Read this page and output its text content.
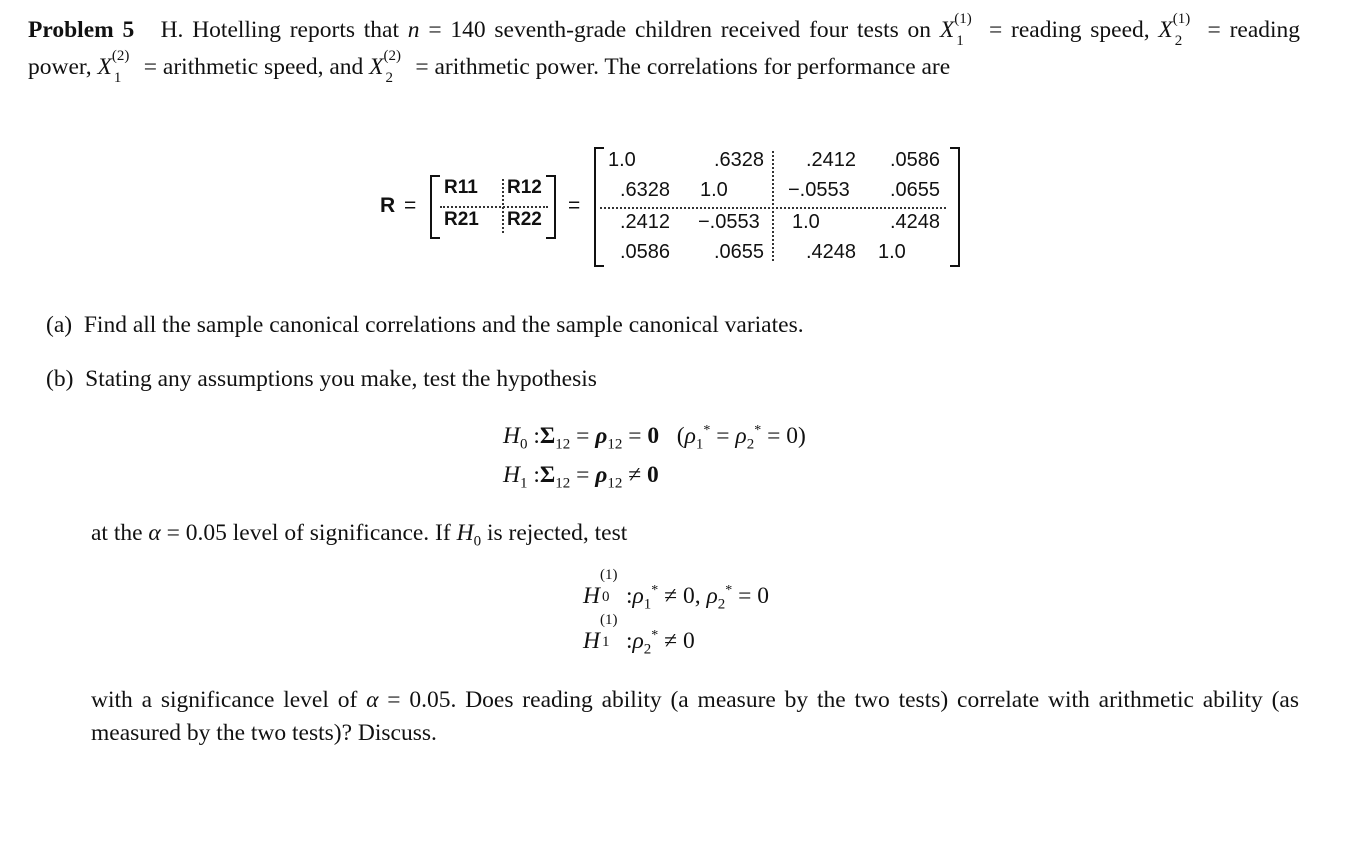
Problem 5 H. Hotelling reports that n = 140 seventh-grade children received four tests on X (1)
1 = reading speed, X (1)
2 = reading power, X (2)
1 = arithmetic speed, and X (2)
2 = arithmetic power. The correlations for performance are
R =
R11 R12
R21 R22
=
1.0	.6328 .2412 .0586
.6328 1.0	−.0553 .0655
.2412 −.0553 1.0	.4248
.0586 .0655 .4248 1.0
(a) Find all the sample canonical correlations and the sample canonical variates.
(b) Stating any assumptions you make, test the hypothesis
$H_0$ $:\Sigma_{12} = \rho_{12} = 0$   $(\rho_1^* = \rho_2^* = 0)$
$H_1$ $:\Sigma_{12} = \rho_{12} \ne 0$
at the α = 0.05 level of significance. If $H_0$ is rejected, test
H
(1)
0 $:\rho_1^* \ne 0$, $\rho_2^* = 0$
H
(1)
1 $:\rho_2^* \ne 0$
with a significance level of α = 0.05. Does reading ability (a measure by the two tests) correlate with arithmetic ability (as measured by the two tests)? Discuss.
